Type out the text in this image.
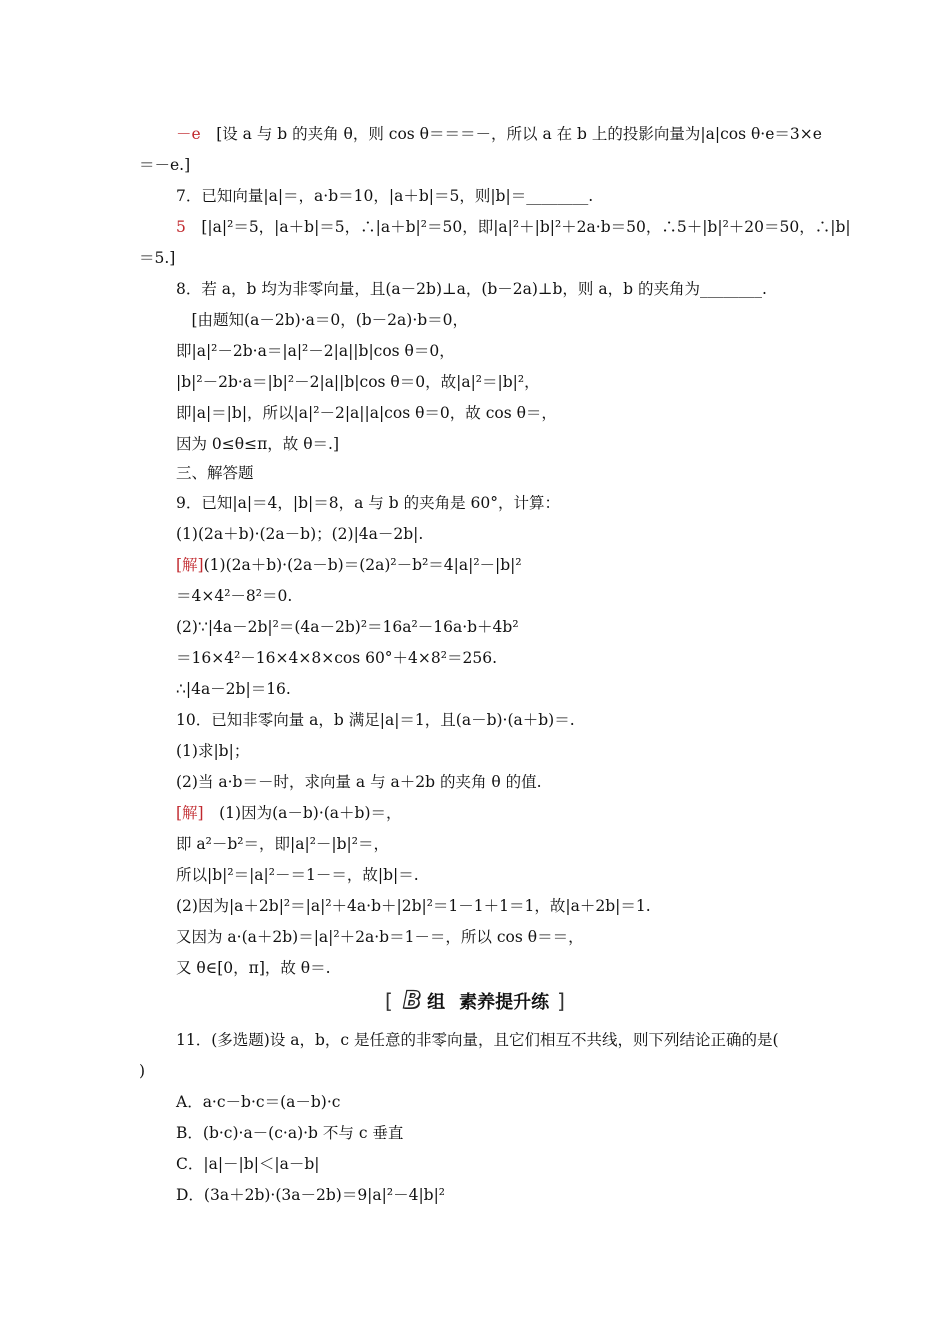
[ B 组 素养提升练 ]
－e　[设 a 与 b 的夹角 θ，则 cos θ＝＝＝－，所以 a 在 b 上的投影向量为|a|cos θ·e＝3×e
＝－e.]
7．已知向量|a|＝，a·b＝10，|a＋b|＝5，则|b|＝________.
5　[|a|²＝5，|a＋b|＝5，∴|a＋b|²＝50，即|a|²＋|b|²＋2a·b＝50，∴5＋|b|²＋20＝50，∴|b|
＝5.]
8．若 a，b 均为非零向量，且(a－2b)⊥a，(b－2a)⊥b，则 a，b 的夹角为________.
　[由题知(a－2b)·a＝0，(b－2a)·b＝0，
即|a|²－2b·a＝|a|²－2|a||b|cos θ＝0，
|b|²－2b·a＝|b|²－2|a||b|cos θ＝0，故|a|²＝|b|²，
即|a|＝|b|，所以|a|²－2|a||a|cos θ＝0，故 cos θ＝，
因为 0≤θ≤π，故 θ＝.]
三、解答题
9．已知|a|＝4，|b|＝8，a 与 b 的夹角是 60°，计算：
(1)(2a＋b)·(2a－b)；(2)|4a－2b|.
[解](1)(2a＋b)·(2a－b)＝(2a)²－b²＝4|a|²－|b|²
＝4×4²－8²＝0.
(2)∵|4a－2b|²＝(4a－2b)²＝16a²－16a·b＋4b²
＝16×4²－16×4×8×cos 60°＋4×8²＝256.
∴|4a－2b|＝16.
10．已知非零向量 a，b 满足|a|＝1，且(a－b)·(a＋b)＝.
(1)求|b|；
(2)当 a·b＝－时，求向量 a 与 a＋2b 的夹角 θ 的值.
[解]　(1)因为(a－b)·(a＋b)＝，
即 a²－b²＝，即|a|²－|b|²＝，
所以|b|²＝|a|²－＝1－＝，故|b|＝.
(2)因为|a＋2b|²＝|a|²＋4a·b＋|2b|²＝1－1＋1＝1，故|a＋2b|＝1.
又因为 a·(a＋2b)＝|a|²＋2a·b＝1－＝，所以 cos θ＝＝，
又 θ∈[0，π]，故 θ＝.
11．(多选题)设 a，b，c 是任意的非零向量，且它们相互不共线，则下列结论正确的是(
)
A．a·c－b·c＝(a－b)·c
B．(b·c)·a－(c·a)·b 不与 c 垂直
C．|a|－|b|＜|a－b|
D．(3a＋2b)·(3a－2b)＝9|a|²－4|b|²
